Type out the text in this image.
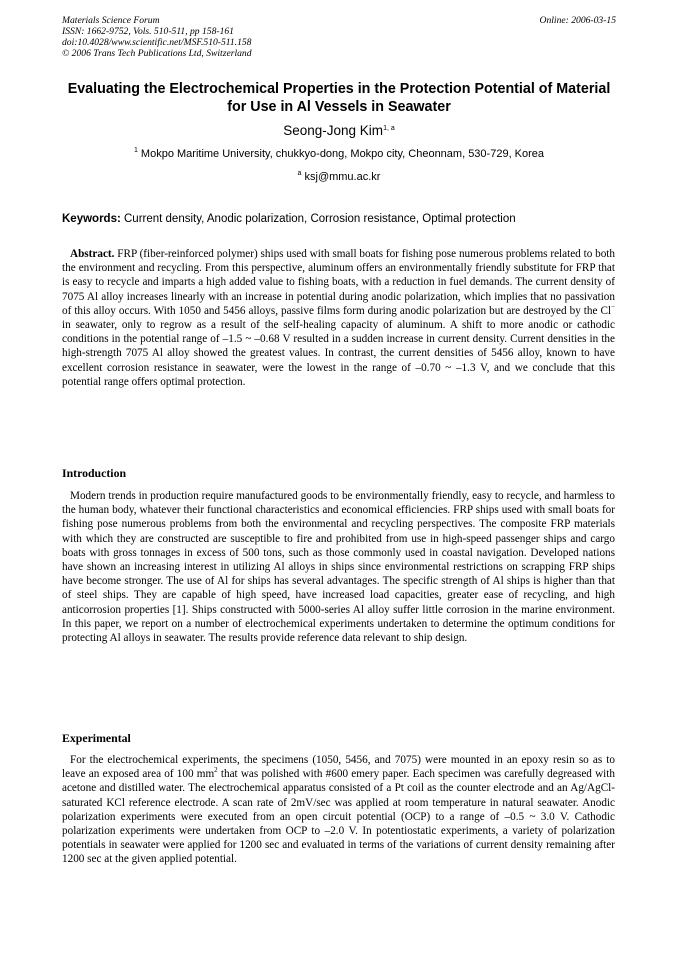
Materials Science Forum
ISSN: 1662-9752, Vols. 510-511, pp 158-161
doi:10.4028/www.scientific.net/MSF.510-511.158
© 2006 Trans Tech Publications Ltd, Switzerland
Online: 2006-03-15
Evaluating the Electrochemical Properties in the Protection Potential of Material for Use in Al Vessels in Seawater
Seong-Jong Kim$^{1, a}$
$^1$ Mokpo Maritime University, chukkyo-dong, Mokpo city, Cheonnam, 530-729, Korea
$^a$ ksj@mmu.ac.kr
Keywords: Current density, Anodic polarization, Corrosion resistance, Optimal protection
Abstract. FRP (fiber-reinforced polymer) ships used with small boats for fishing pose numerous problems related to both the environment and recycling. From this perspective, aluminum offers an environmentally friendly substitute for FRP that is easy to recycle and imparts a high added value to fishing boats, with a reduction in fuel demands. The current density of 7075 Al alloy increases linearly with an increase in potential during anodic polarization, which implies that no passivation of this alloy occurs. With 1050 and 5456 alloys, passive films form during anodic polarization but are destroyed by the Cl− in seawater, only to regrow as a result of the self-healing capacity of aluminum. A shift to more anodic or cathodic conditions in the potential range of –1.5 ~ –0.68 V resulted in a sudden increase in current density. Current densities in the high-strength 7075 Al alloy showed the greatest values. In contrast, the current densities of 5456 alloy, known to have excellent corrosion resistance in seawater, were the lowest in the range of –0.70 ~ –1.3 V, and we conclude that this potential range offers optimal protection.
Introduction
Modern trends in production require manufactured goods to be environmentally friendly, easy to recycle, and harmless to the human body, whatever their functional characteristics and economical efficiencies. FRP ships used with small boats for fishing pose numerous problems from both the environmental and recycling perspectives. The composite FRP materials with which they are constructed are susceptible to fire and prohibited from use in high-speed passenger ships and cargo boats with gross tonnages in excess of 500 tons, such as those commonly used in coastal navigation. Developed nations have shown an increasing interest in utilizing Al alloys in ships since environmental restrictions on scrapping FRP ships have become stronger. The use of Al for ships has several advantages. The specific strength of Al ships is higher than that of steel ships. They are capable of high speed, have increased load capacities, greater ease of recycling, and high anticorrosion properties [1]. Ships constructed with 5000-series Al alloy suffer little corrosion in the marine environment. In this paper, we report on a number of electrochemical experiments undertaken to determine the optimum conditions for protecting Al alloys in seawater. The results provide reference data relevant to ship design.
Experimental
For the electrochemical experiments, the specimens (1050, 5456, and 7075) were mounted in an epoxy resin so as to leave an exposed area of 100 $mm^2$ that was polished with #600 emery paper. Each specimen was carefully degreased with acetone and distilled water. The electrochemical apparatus consisted of a Pt coil as the counter electrode and an Ag/AgCl-saturated KCl reference electrode. A scan rate of 2mV/sec was applied at room temperature in natural seawater. Anodic polarization experiments were executed from an open circuit potential (OCP) to a range of –0.5 ~ 3.0 V. Cathodic polarization experiments were undertaken from OCP to –2.0 V. In potentiostatic experiments, a variety of polarization potentials in seawater were applied for 1200 sec and evaluated in terms of the variations of current density remaining after 1200 sec at the given applied potential.
